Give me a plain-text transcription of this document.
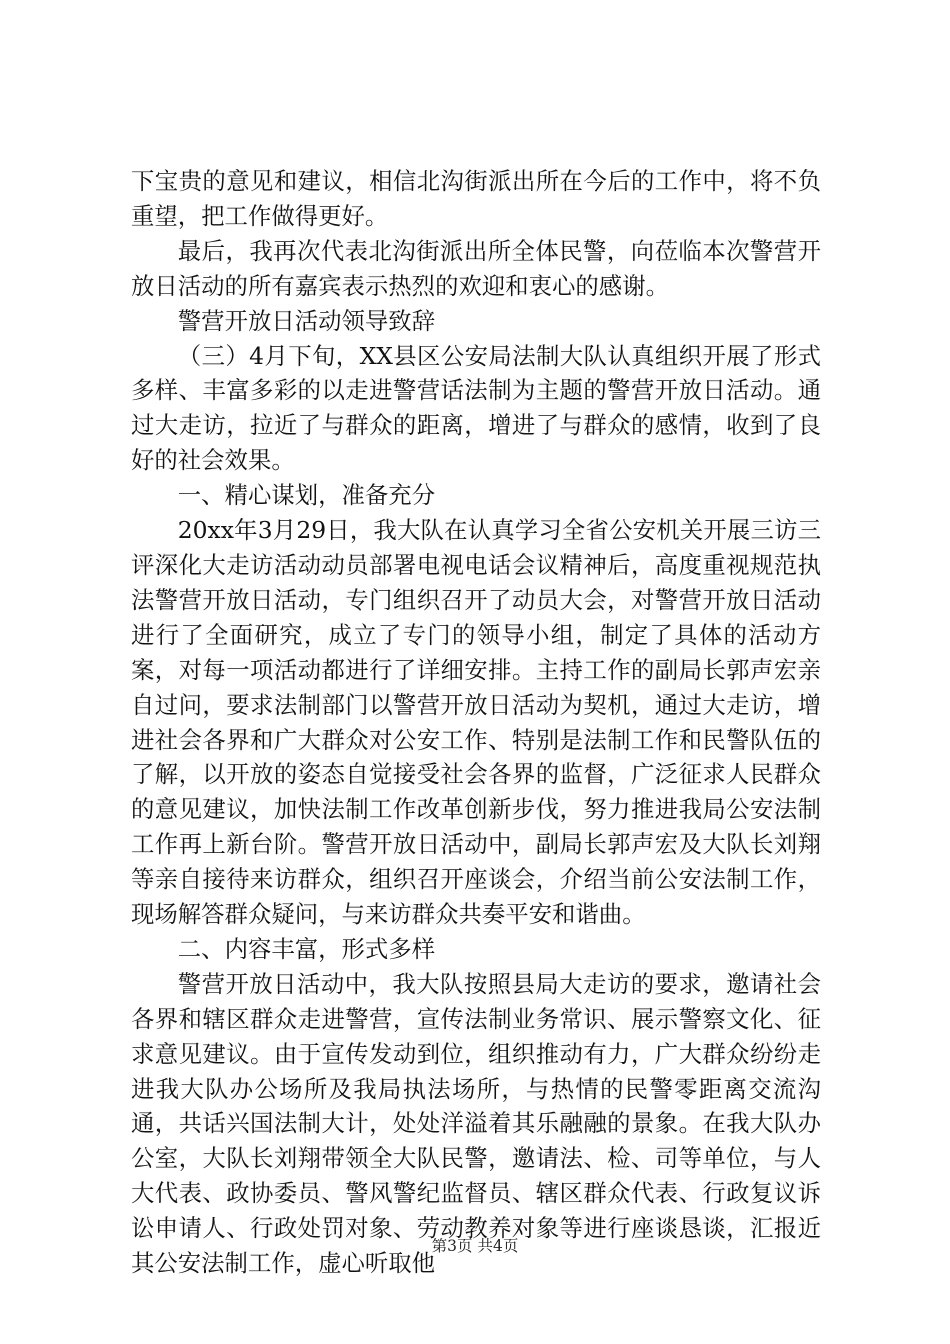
下宝贵的意见和建议，相信北沟街派出所在今后的工作中，将不负重望，把工作做得更好。

最后，我再次代表北沟街派出所全体民警，向莅临本次警营开放日活动的所有嘉宾表示热烈的欢迎和衷心的感谢。

警营开放日活动领导致辞

（三）4月下旬，XX县区公安局法制大队认真组织开展了形式多样、丰富多彩的以走进警营话法制为主题的警营开放日活动。通过大走访，拉近了与群众的距离，增进了与群众的感情，收到了良好的社会效果。

一、精心谋划，准备充分

20xx年3月29日，我大队在认真学习全省公安机关开展三访三评深化大走访活动动员部署电视电话会议精神后，高度重视规范执法警营开放日活动，专门组织召开了动员大会，对警营开放日活动进行了全面研究，成立了专门的领导小组，制定了具体的活动方案，对每一项活动都进行了详细安排。主持工作的副局长郭声宏亲自过问，要求法制部门以警营开放日活动为契机，通过大走访，增进社会各界和广大群众对公安工作、特别是法制工作和民警队伍的了解，以开放的姿态自觉接受社会各界的监督，广泛征求人民群众的意见建议，加快法制工作改革创新步伐，努力推进我局公安法制工作再上新台阶。警营开放日活动中，副局长郭声宏及大队长刘翔等亲自接待来访群众，组织召开座谈会，介绍当前公安法制工作，现场解答群众疑问，与来访群众共奏平安和谐曲。

二、内容丰富，形式多样

警营开放日活动中，我大队按照县局大走访的要求，邀请社会各界和辖区群众走进警营，宣传法制业务常识、展示警察文化、征求意见建议。由于宣传发动到位，组织推动有力，广大群众纷纷走进我大队办公场所及我局执法场所，与热情的民警零距离交流沟通，共话兴国法制大计，处处洋溢着其乐融融的景象。在我大队办公室，大队长刘翔带领全大队民警，邀请法、检、司等单位，与人大代表、政协委员、警风警纪监督员、辖区群众代表、行政复议诉讼申请人、行政处罚对象、劳动教养对象等进行座谈恳谈，汇报近其公安法制工作，虚心听取他

第3页 共4页
